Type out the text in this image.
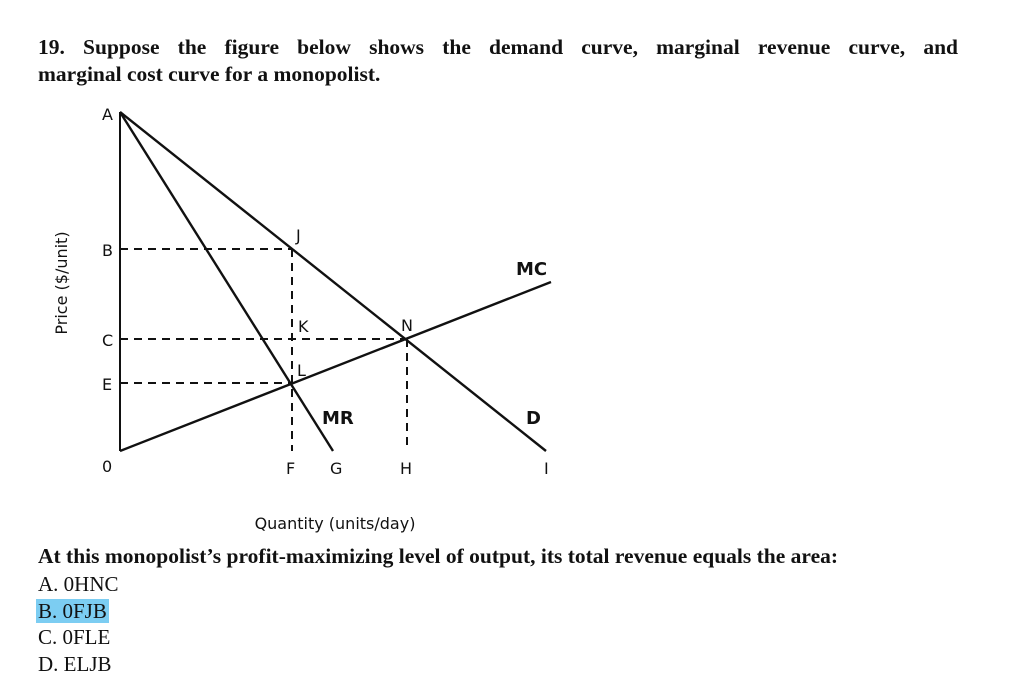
19. Suppose the figure below shows the demand curve, marginal revenue curve, and
marginal cost curve for a monopolist.
A
B
C
E
0	F G	H	I
J
K
L
N
MC
MR	D
Price ($/unit)
Quantity (units/day)
At this monopolist’s profit-maximizing level of output, its total revenue equals the area:
A. 0HNC
B. 0FJB
C. 0FLE
D. ELJB
